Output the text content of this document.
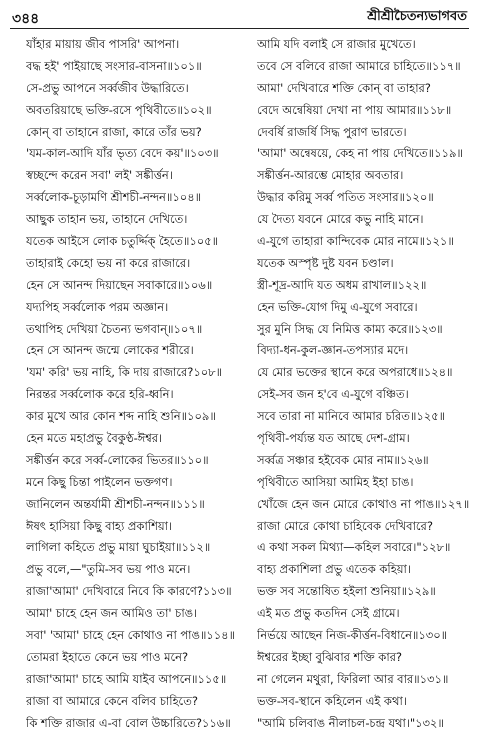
৩৪৪	শ্রীশ্রীচৈতন্যভাগবত
যাঁহার মায়ায় জীব পাসরি' আপনা।
বদ্ধ হই' পাইয়াছে সংসার-বাসনা॥১০১॥
সে-প্রভু আপনে সর্ব্বজীব উদ্ধারিতে।
অবতরিয়াছে ভক্তি-রসে পৃথিবীতে॥১০২॥
কোন্ বা তাহানে রাজা, কারে তাঁর ভয়?
'যম-কাল-আদি যাঁর ভৃত্য বেদে কয়'॥১০৩॥
স্বচ্ছন্দে করেন সবা' লই' সঙ্কীর্ত্তন।
সর্ব্বলোক-চূড়ামণি শ্রীশচী-নন্দন॥১০৪॥
আছুক তাহান ভয়, তাহানে দেখিতে।
যতেক আইসে লোক চতুর্দ্দিক্ হৈতে॥১০৫॥
তাহারাই কেহো ভয় না করে রাজারে।
হেন সে আনন্দ দিয়াছেন সবাকারে॥১০৬॥
যদ্যপিহ সর্ব্বলোক পরম অজ্ঞান।
তথাপিহ দেখিয়া চৈতন্য ভগবান্॥১০৭॥
হেন সে আনন্দ জন্মে লোকের শরীরে।
'যম' করি' ভয় নাহি, কি দায় রাজারে?১০৮॥
নিরন্তর সর্ব্বলোক করে হরি-ধ্বনি।
কার মুখে আর কোন শব্দ নাহি শুনি॥১০৯॥
হেন মতে মহাপ্রভু বৈকুণ্ঠ-ঈশ্বর।
সঙ্কীর্ত্তন করে সর্ব্ব-লোকের ভিতর॥১১০॥
মনে কিছু চিন্তা পাইলেন ভক্তগণ।
জানিলেন অন্তর্যামী শ্রীশচী-নন্দন॥১১১॥
ঈষৎ হাসিয়া কিছু বাহ্য প্রকাশিয়া।
লাগিলা কহিতে প্রভু মায়া ঘুচাইয়া॥১১২॥
প্রভু বলে,—"তুমি-সব ভয় পাও মনে।
রাজা'আমা' দেখিবারে নিবে কি কারণে?১১৩॥
আমা' চাহে হেন জন আমিও তা' চাঙ।
সবা' 'আমা' চাহে হেন কোথাও না পাঙ॥১১৪॥
তোমরা ইহাতে কেনে ভয় পাও মনে?
রাজা'আমা' চাহে আমি যাইব আপনে॥১১৫॥
রাজা বা আমারে কেনে বলিব চাহিতে?
কি শক্তি রাজার এ-বা বোল উচ্চারিতে?১১৬॥
আমি যদি বলাই সে রাজার মুখেতে।
তবে সে বলিবে রাজা আমারে চাহিতে॥১১৭॥
আমা' দেখিবারে শক্তি কোন্ বা তাহার?
বেদে অন্বেষিয়া দেখা না পায় আমার॥১১৮॥
দেবর্ষি রাজর্ষি সিদ্ধ পুরাণ ভারতে।
'আমা' অন্বেষয়ে, কেহ না পায় দেখিতে॥১১৯॥
সঙ্কীর্ত্তন-আরম্ভে মোহার অবতার।
উদ্ধার করিমু সর্ব্ব পতিত সংসার॥১২০॥
যে দৈত্য যবনে মোরে কভু নাহি মানে।
এ-যুগে তাহারা কান্দিবেক মোর নামে॥১২১॥
যতেক অস্পৃষ্ট দুষ্ট যবন চণ্ডাল।
স্ত্রী-শূদ্র-আদি যত অধম রাখাল॥১২২॥
হেন ভক্তি-যোগ দিমু এ-যুগে সবারে।
সুর মুনি সিদ্ধ যে নিমিত্ত কাম্য করে॥১২৩॥
বিদ্যা-ধন-কুল-জ্ঞান-তপস্যার মদে।
যে মোর ভক্তের স্থানে করে অপরাধে॥১২৪॥
সেই-সব জন হ'বে এ-যুগে বঞ্চিত।
সবে তারা না মানিবে আমার চরিত॥১২৫॥
পৃথিবী-পর্য্যন্ত যত আছে দেশ-গ্রাম।
সর্ব্বত্র সঞ্চার হইবেক মোর নাম॥১২৬॥
পৃথিবীতে আসিয়া আমিহ ইহা চাঙ।
খোঁজে হেন জন মোরে কোথাও না পাঙ॥১২৭॥
রাজা মোরে কোথা চাহিবেক দেখিবারে?
এ কথা সকল মিথ্যা—কহিল সবারে।"১২৮॥
বাহ্য প্রকাশিলা প্রভু এতেক কহিয়া।
ভক্ত সব সন্তোষিত হইলা শুনিয়া॥১২৯॥
এই মত প্রভু কতদিন সেই গ্রামে।
নির্ভয়ে আছেন নিজ-কীর্ত্তন-বিধানে॥১৩০॥
ঈশ্বরের ইচ্ছা বুঝিবার শক্তি কার?
না গেলেন মথুরা, ফিরিলা আর বার॥১৩১॥
ভক্ত-সব-স্থানে কহিলেন এই কথা।
"আমি চলিবাঙ নীলাচল-চন্দ্র যথা।"১৩২॥
